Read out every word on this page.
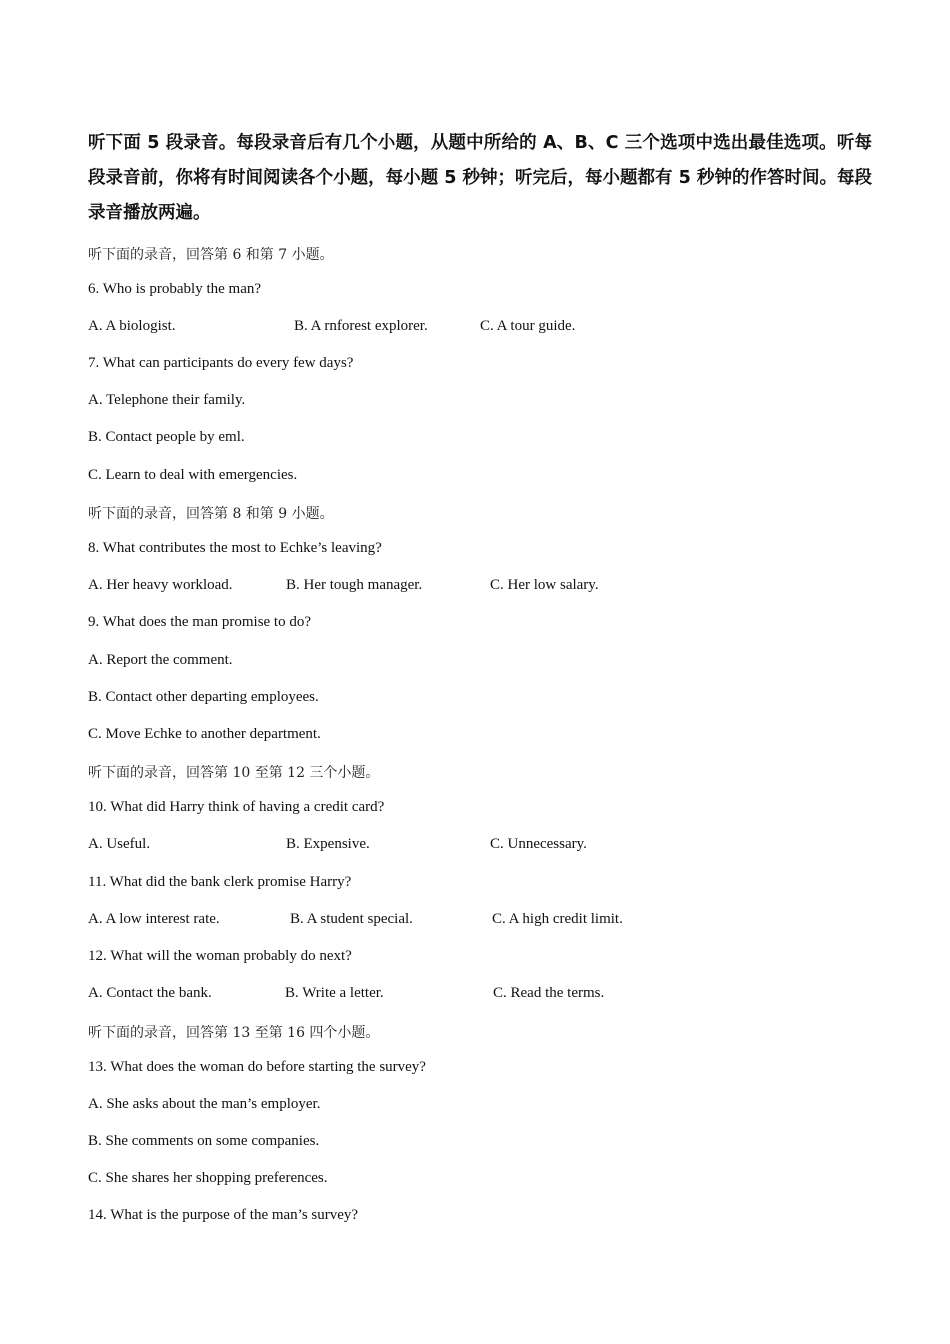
听下面 5 段录音。每段录音后有几个小题，从题中所给的 A、B、C 三个选项中选出最佳选项。听每段录音前，你将有时间阅读各个小题，每小题 5 秒钟；听完后，每小题都有 5 秒钟的作答时间。每段录音播放两遍。
听下面的录音，回答第 6 和第 7 小题。
6. Who is probably the man?
A. A biologist.	B. A rnforest explorer.	C. A tour guide.
7. What can participants do every few days?
A. Telephone their family.
B. Contact people by eml.
C. Learn to deal with emergencies.
听下面的录音，回答第 8 和第 9 小题。
8. What contributes the most to Echke’s leaving?
A. Her heavy workload.	B. Her tough manager.	C. Her low salary.
9. What does the man promise to do?
A. Report the comment.
B. Contact other departing employees.
C. Move Echke to another department.
听下面的录音，回答第 10 至第 12 三个小题。
10. What did Harry think of having a credit card?
A. Useful.	B. Expensive.	C. Unnecessary.
11. What did the bank clerk promise Harry?
A. A low interest rate.	B. A student special.	C. A high credit limit.
12. What will the woman probably do next?
A. Contact the bank.	B. Write a letter.	C. Read the terms.
听下面的录音，回答第 13 至第 16 四个小题。
13. What does the woman do before starting the survey?
A. She asks about the man’s employer.
B. She comments on some companies.
C. She shares her shopping preferences.
14. What is the purpose of the man’s survey?
